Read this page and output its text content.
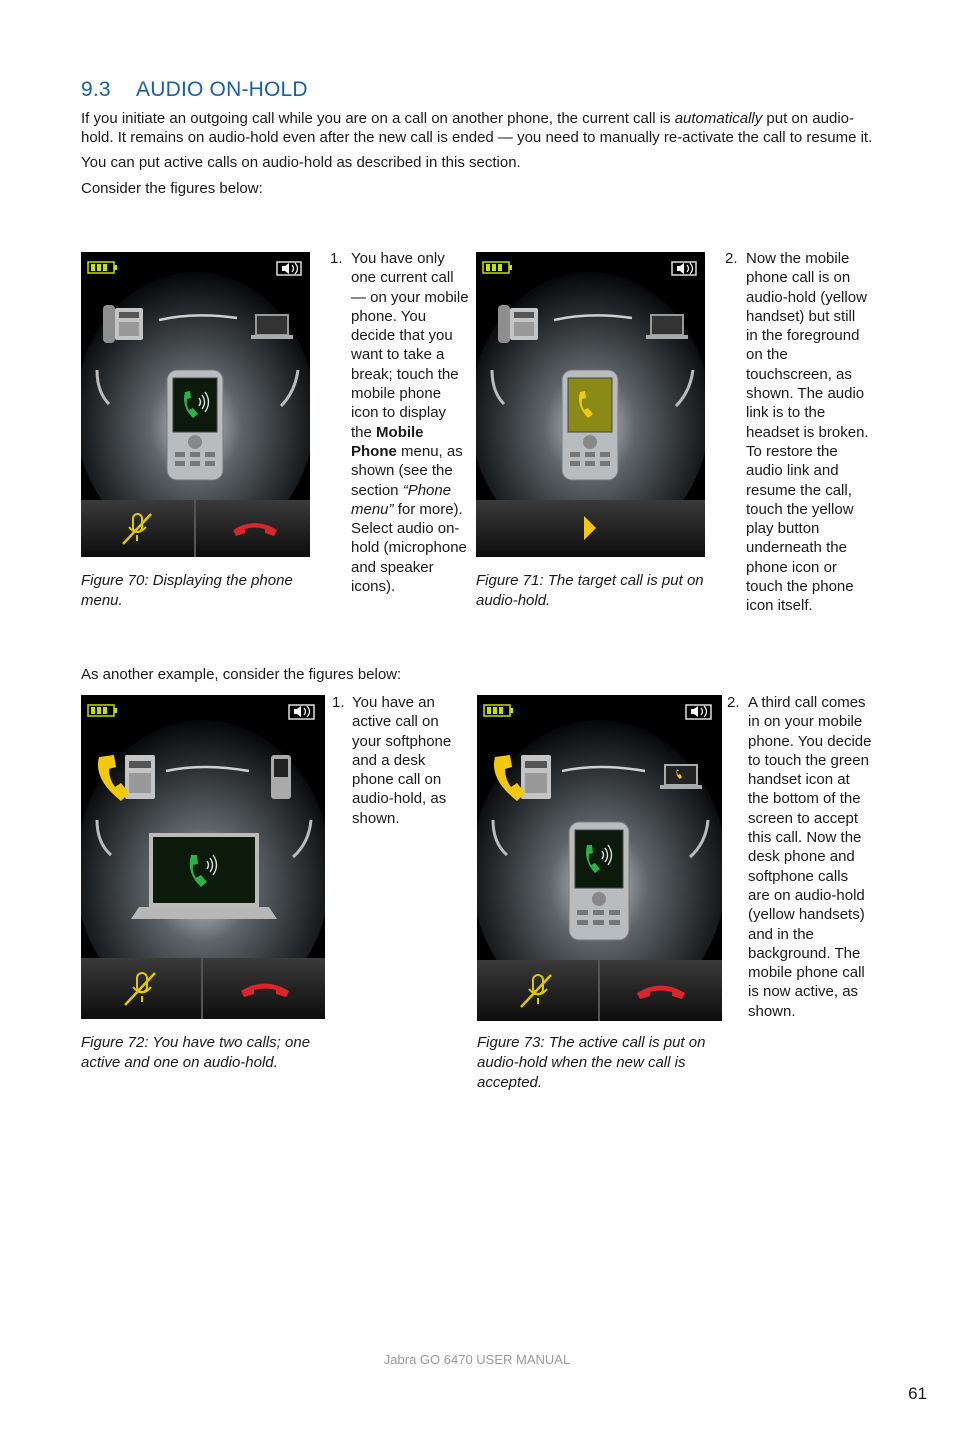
9.3 AUDIO ON-HOLD

If you initiate an outgoing call while you are on a call on another phone, the current call is automatically put on audio-hold. It remains on audio-hold even after the new call is ended — you need to manually re-activate the call to resume it.

You can put active calls on audio-hold as described in this section.

Consider the figures below:

Figure 70: Displaying the phone menu.
1. You have only one current call — on your mobile phone. You decide that you want to take a break; touch the mobile phone icon to display the Mobile Phone menu, as shown (see the section “Phone menu” for more). Select audio on-hold (microphone and speaker icons).	Figure 71: The target call is put on audio-hold.
2. Now the mobile phone call is on audio-hold (yellow handset) but still in the foreground on the touchscreen, as shown. The audio link is to the headset is broken.
To restore the audio link and resume the call, touch the yellow play button underneath the phone icon or touch the phone icon itself.

As another example, consider the figures below:

Figure 72: You have two calls; one active and one on audio-hold.
1. You have an active call on your softphone and a desk phone call on audio-hold, as shown.
Figure 73: The active call is put on audio-hold when the new call is accepted.
2. A third call comes in on your mobile phone. You decide to touch the green handset icon at the bottom of the screen to accept this call. Now the desk phone and softphone calls are on audio-hold (yellow handsets) and in the background. The mobile phone call is now active, as shown.
Jabra GO 6470 USER MANUAL
61
